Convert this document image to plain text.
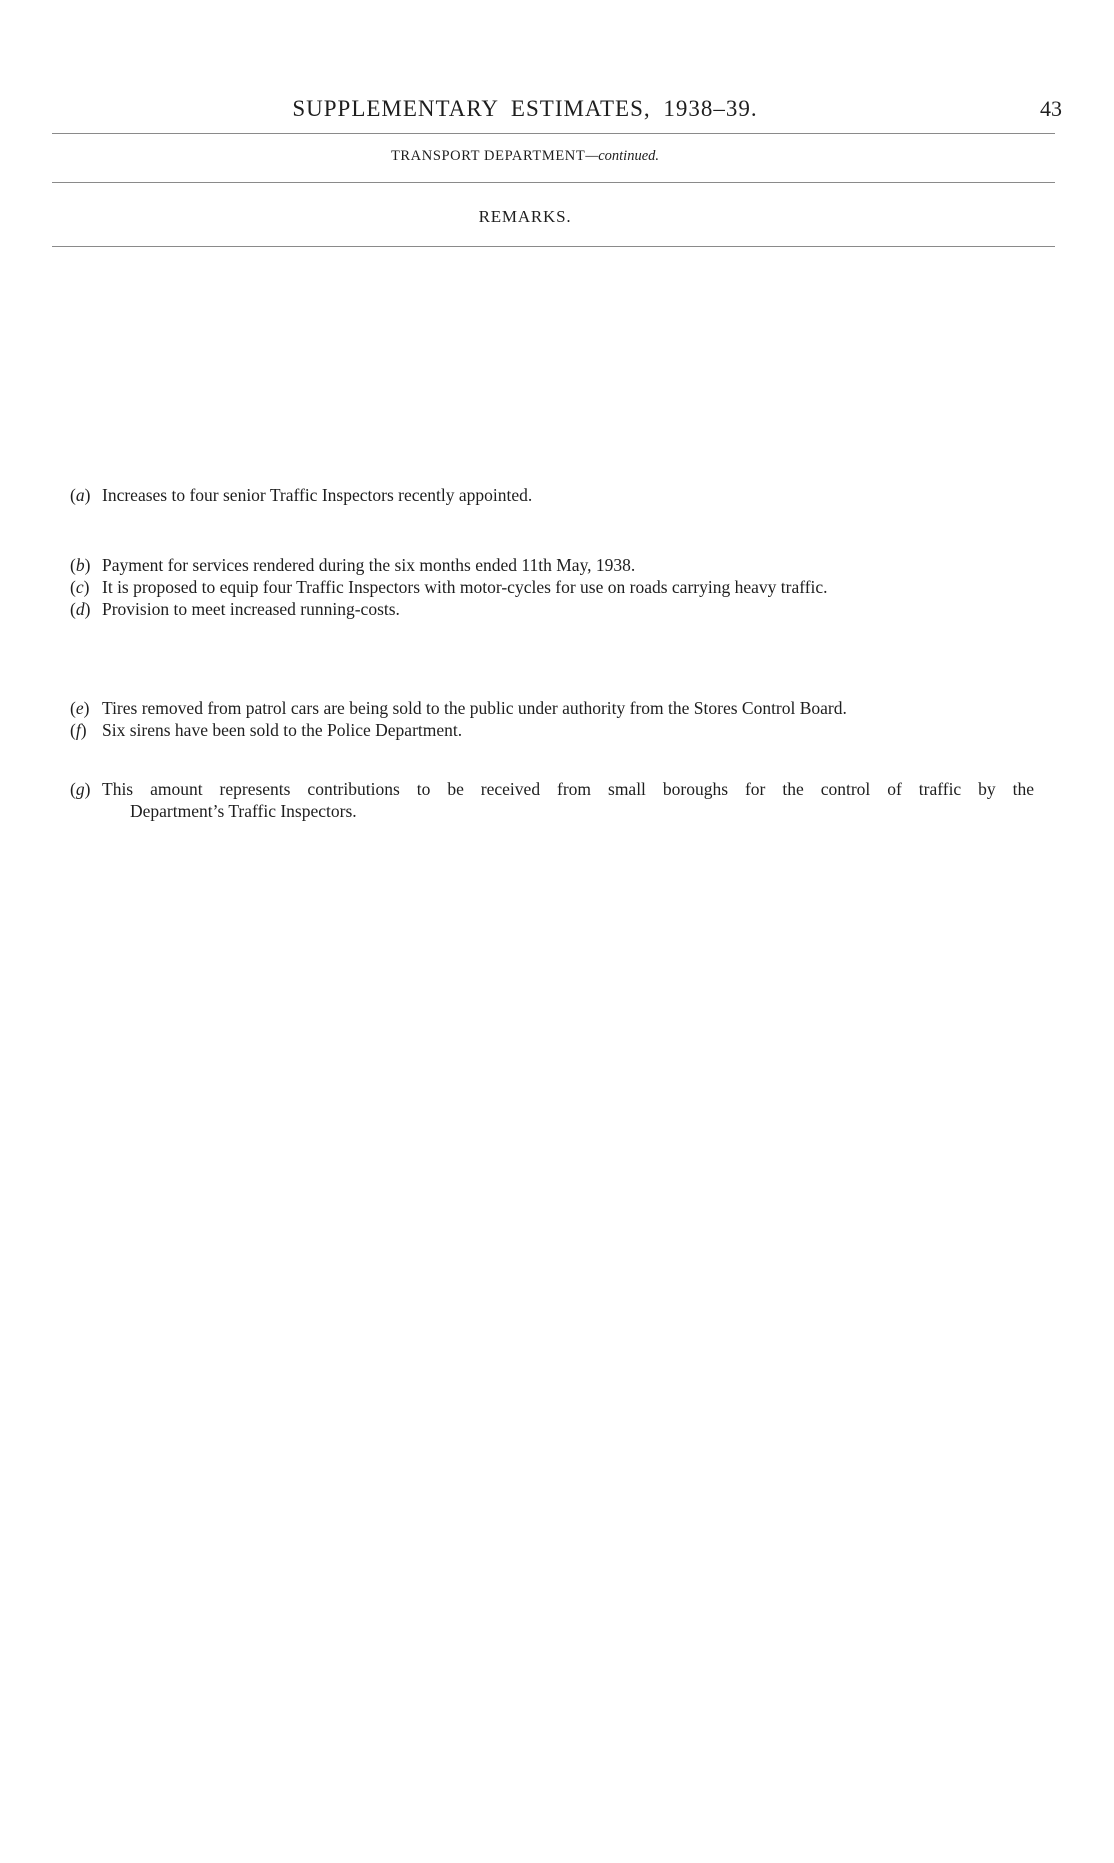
SUPPLEMENTARY ESTIMATES, 1938–39.	43
TRANSPORT DEPARTMENT—continued.
REMARKS.
(a) Increases to four senior Traffic Inspectors recently appointed.
(b) Payment for services rendered during the six months ended 11th May, 1938.
(c) It is proposed to equip four Traffic Inspectors with motor-cycles for use on roads carrying heavy traffic.
(d) Provision to meet increased running-costs.
(e) Tires removed from patrol cars are being sold to the public under authority from the Stores Control Board.
(f) Six sirens have been sold to the Police Department.
(g) This amount represents contributions to be received from small boroughs for the control of traffic by the
Department’s Traffic Inspectors.
